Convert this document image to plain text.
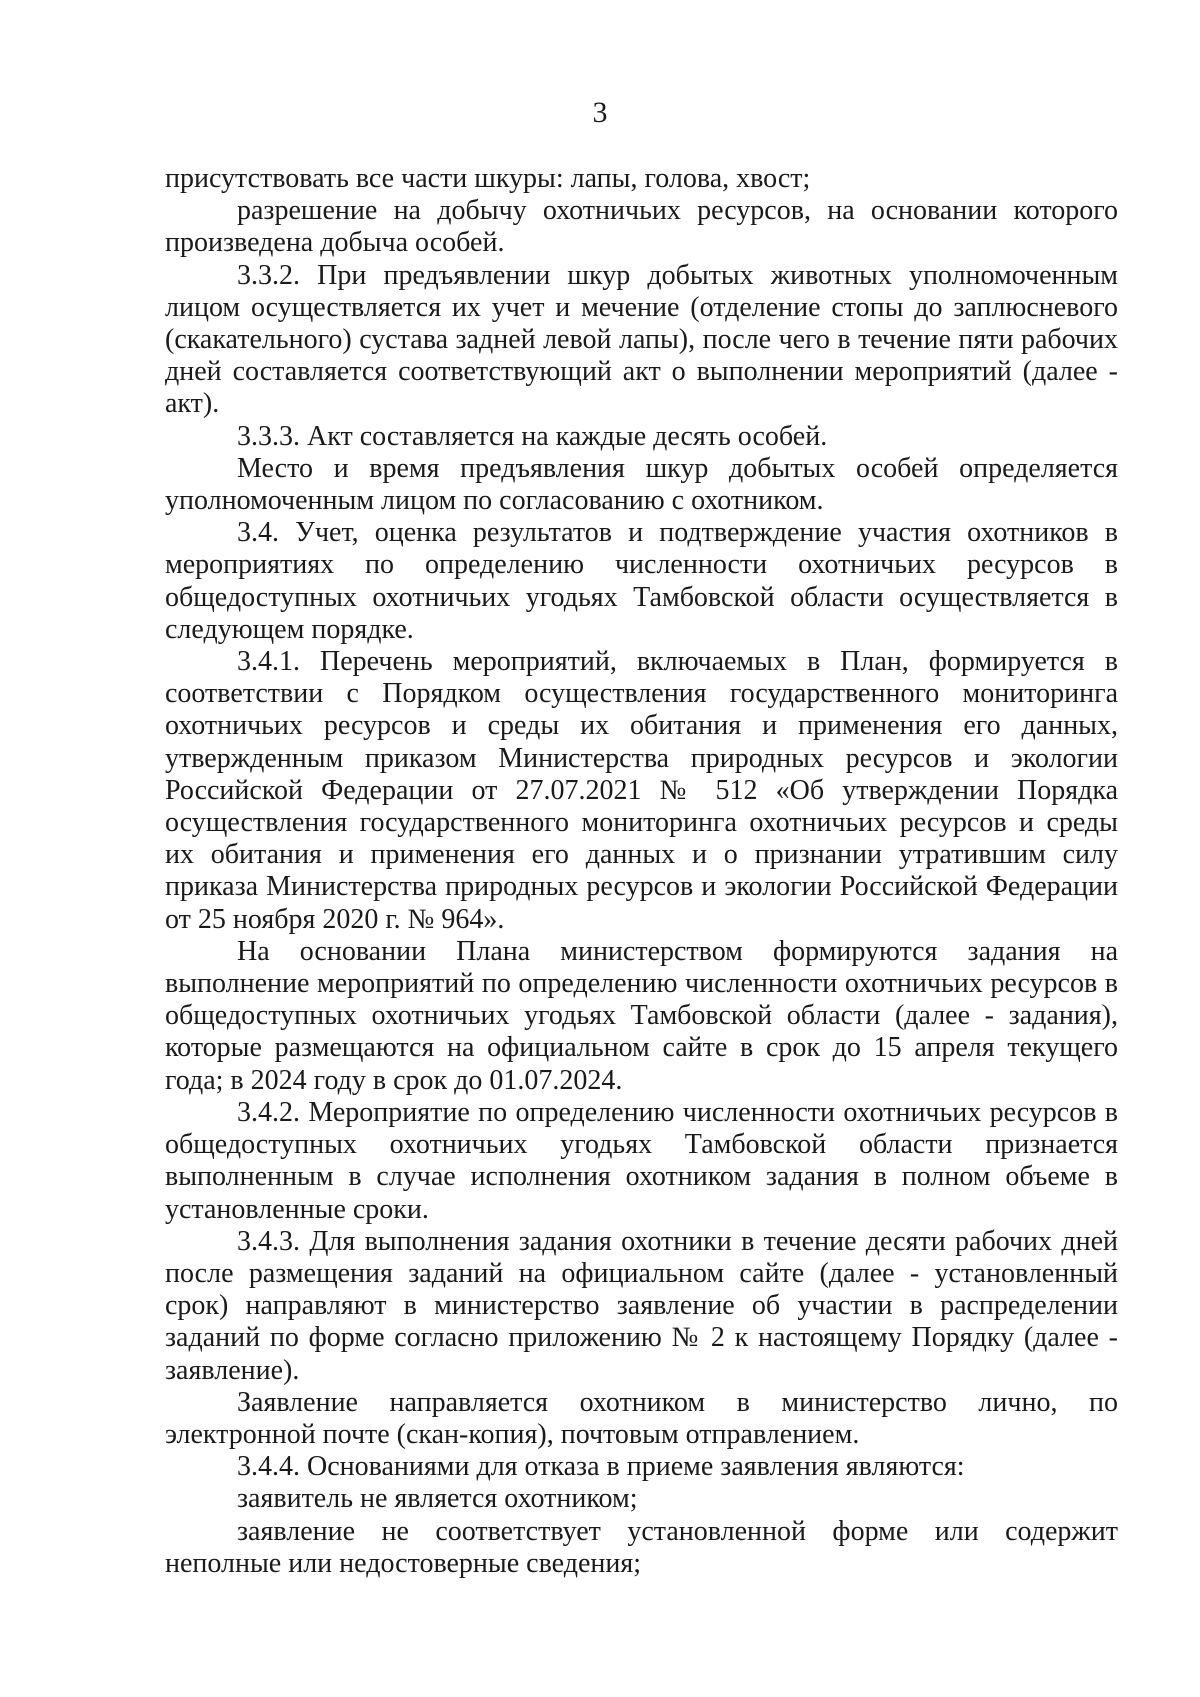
3

присутствовать все части шкуры: лапы, голова, хвост;

разрешение на добычу охотничьих ресурсов, на основании которого произведена добыча особей.

3.3.2. При предъявлении шкур добытых животных уполномоченным лицом осуществляется их учет и мечение (отделение стопы до заплюсневого (скакательного) сустава задней левой лапы), после чего в течение пяти рабочих дней составляется соответствующий акт о выполнении мероприятий (далее - акт).

3.3.3. Акт составляется на каждые десять особей.

Место и время предъявления шкур добытых особей определяется уполномоченным лицом по согласованию с охотником.

3.4. Учет, оценка результатов и подтверждение участия охотников в мероприятиях по определению численности охотничьих ресурсов в общедоступных охотничьих угодьях Тамбовской области осуществляется в следующем порядке.

3.4.1. Перечень мероприятий, включаемых в План, формируется в соответствии с Порядком осуществления государственного мониторинга охотничьих ресурсов и среды их обитания и применения его данных, утвержденным приказом Министерства природных ресурсов и экологии Российской Федерации от 27.07.2021 № 512 «Об утверждении Порядка осуществления государственного мониторинга охотничьих ресурсов и среды их обитания и применения его данных и о признании утратившим силу приказа Министерства природных ресурсов и экологии Российской Федерации от 25 ноября 2020 г. № 964».

На основании Плана министерством формируются задания на выполнение мероприятий по определению численности охотничьих ресурсов в общедоступных охотничьих угодьях Тамбовской области (далее - задания), которые размещаются на официальном сайте в срок до 15 апреля текущего года; в 2024 году в срок до 01.07.2024.

3.4.2. Мероприятие по определению численности охотничьих ресурсов в общедоступных охотничьих угодьях Тамбовской области признается выполненным в случае исполнения охотником задания в полном объеме в установленные сроки.

3.4.3. Для выполнения задания охотники в течение десяти рабочих дней после размещения заданий на официальном сайте (далее - установленный срок) направляют в министерство заявление об участии в распределении заданий по форме согласно приложению № 2 к настоящему Порядку (далее - заявление).

Заявление направляется охотником в министерство лично, по электронной почте (скан-копия), почтовым отправлением.

3.4.4. Основаниями для отказа в приеме заявления являются:

заявитель не является охотником;

заявление не соответствует установленной форме или содержит неполные или недостоверные сведения;
